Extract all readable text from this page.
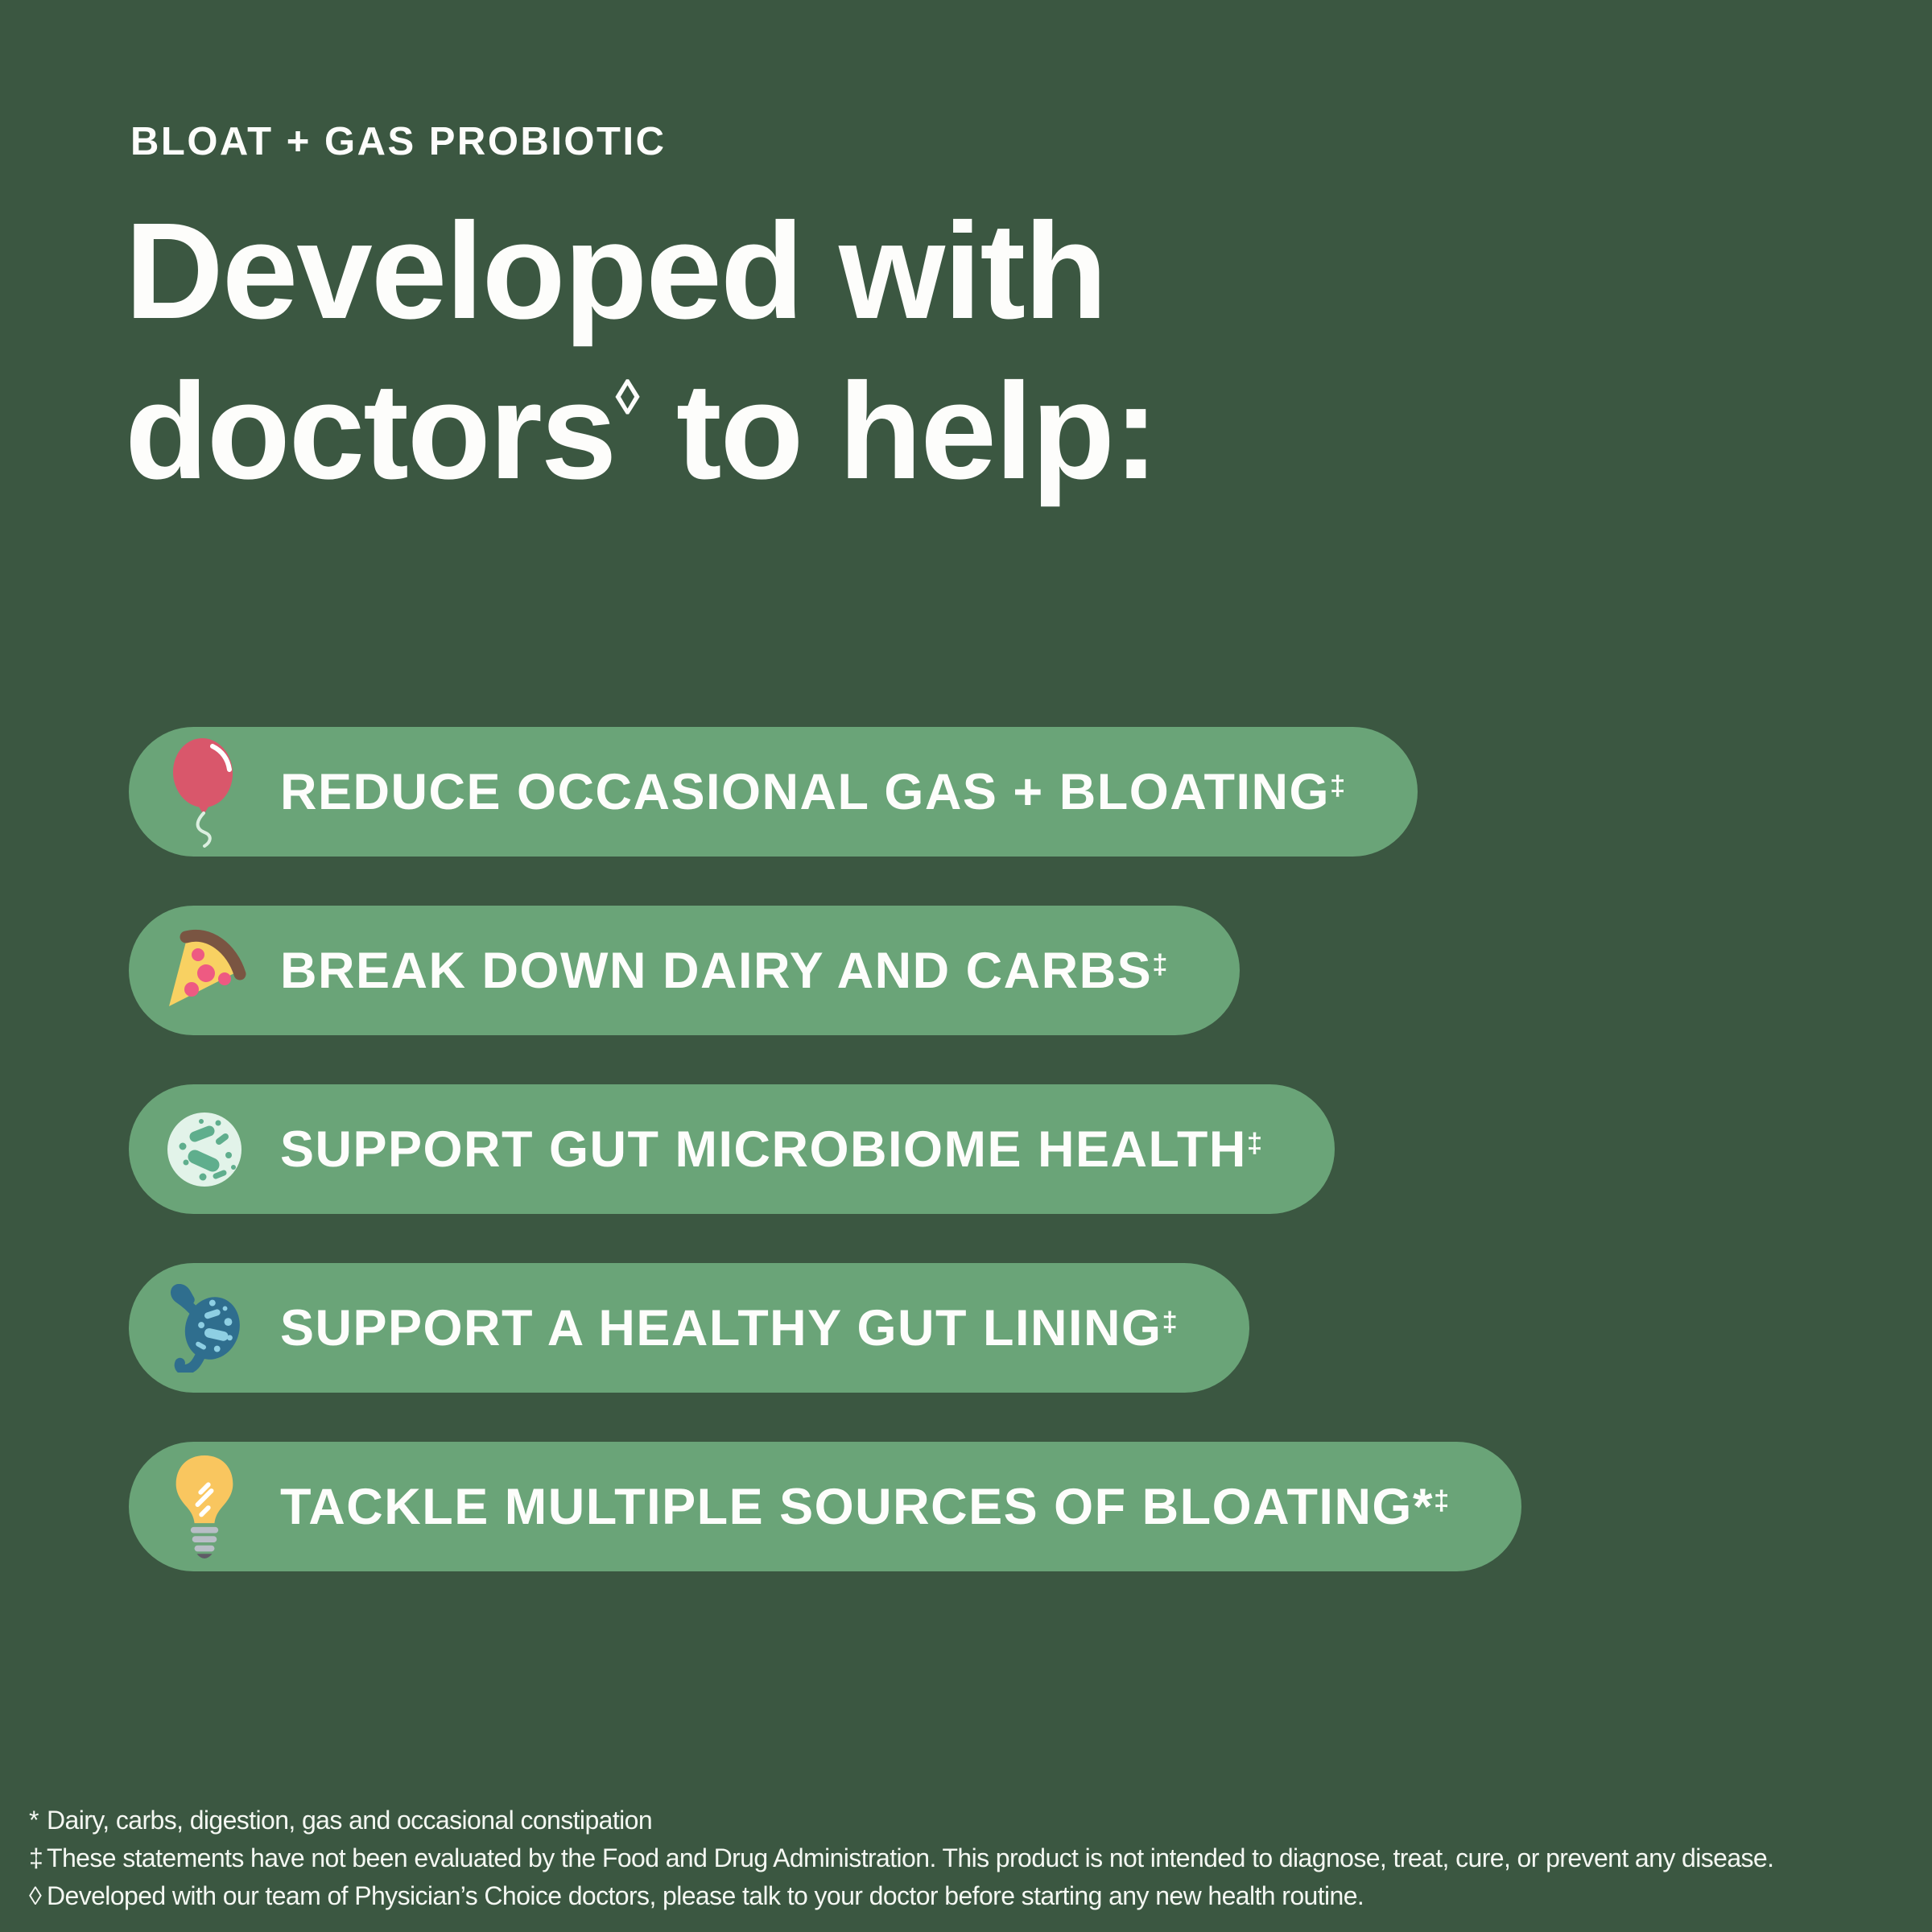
BLOAT + GAS PROBIOTIC
Developed with
doctors◊ to help:
REDUCE OCCASIONAL GAS + BLOATING‡
BREAK DOWN DAIRY AND CARBS‡
SUPPORT GUT MICROBIOME HEALTH‡
SUPPORT A HEALTHY GUT LINING‡
TACKLE MULTIPLE SOURCES OF BLOATING*‡
* Dairy, carbs, digestion, gas and occasional constipation
‡ These statements have not been evaluated by the Food and Drug Administration. This product is not intended to diagnose, treat, cure, or prevent any disease.
◊ Developed with our team of Physician’s Choice doctors, please talk to your doctor before starting any new health routine.
